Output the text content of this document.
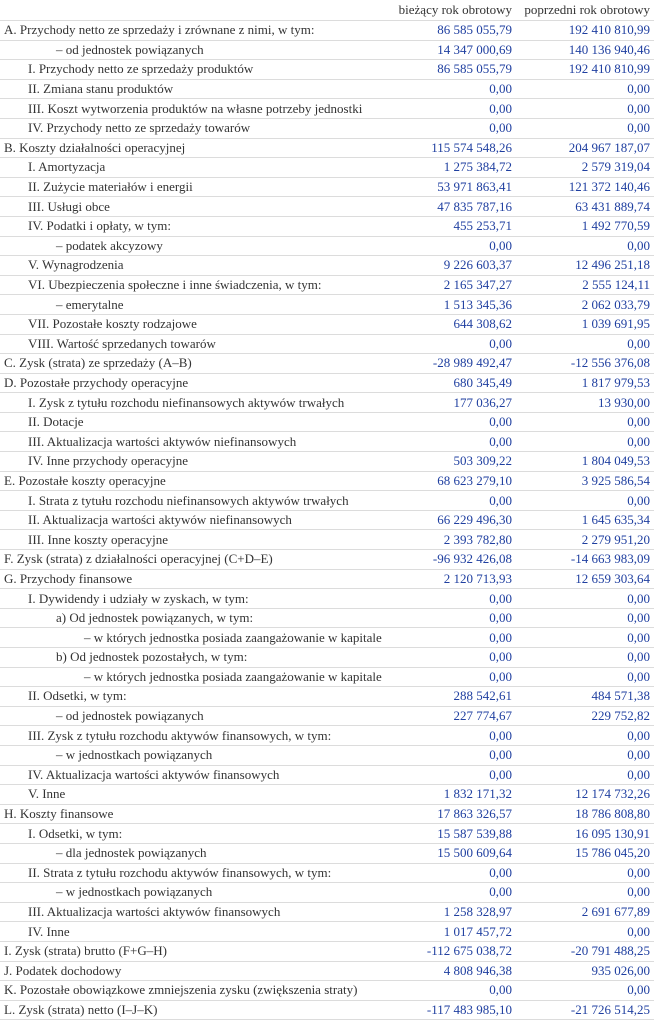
	bieżący rok obrotowy	poprzedni rok obrotowy
A. Przychody netto ze sprzedaży i zrównane z nimi, w tym:	86 585 055,79	192 410 810,99
– od jednostek powiązanych	14 347 000,69	140 136 940,46
I. Przychody netto ze sprzedaży produktów	86 585 055,79	192 410 810,99
II. Zmiana stanu produktów	0,00	0,00
III. Koszt wytworzenia produktów na własne potrzeby jednostki	0,00	0,00
IV. Przychody netto ze sprzedaży towarów	0,00	0,00
B. Koszty działalności operacyjnej	115 574 548,26	204 967 187,07
I. Amortyzacja	1 275 384,72	2 579 319,04
II. Zużycie materiałów i energii	53 971 863,41	121 372 140,46
III. Usługi obce	47 835 787,16	63 431 889,74
IV. Podatki i opłaty, w tym:	455 253,71	1 492 770,59
– podatek akcyzowy	0,00	0,00
V. Wynagrodzenia	9 226 603,37	12 496 251,18
VI. Ubezpieczenia społeczne i inne świadczenia, w tym:	2 165 347,27	2 555 124,11
– emerytalne	1 513 345,36	2 062 033,79
VII. Pozostałe koszty rodzajowe	644 308,62	1 039 691,95
VIII. Wartość sprzedanych towarów	0,00	0,00
C. Zysk (strata) ze sprzedaży (A–B)	-28 989 492,47	-12 556 376,08
D. Pozostałe przychody operacyjne	680 345,49	1 817 979,53
I. Zysk z tytułu rozchodu niefinansowych aktywów trwałych	177 036,27	13 930,00
II. Dotacje	0,00	0,00
III. Aktualizacja wartości aktywów niefinansowych	0,00	0,00
IV. Inne przychody operacyjne	503 309,22	1 804 049,53
E. Pozostałe koszty operacyjne	68 623 279,10	3 925 586,54
I. Strata z tytułu rozchodu niefinansowych aktywów trwałych	0,00	0,00
II. Aktualizacja wartości aktywów niefinansowych	66 229 496,30	1 645 635,34
III. Inne koszty operacyjne	2 393 782,80	2 279 951,20
F. Zysk (strata) z działalności operacyjnej (C+D–E)	-96 932 426,08	-14 663 983,09
G. Przychody finansowe	2 120 713,93	12 659 303,64
I. Dywidendy i udziały w zyskach, w tym:	0,00	0,00
a) Od jednostek powiązanych, w tym:	0,00	0,00
– w których jednostka posiada zaangażowanie w kapitale	0,00	0,00
b) Od jednostek pozostałych, w tym:	0,00	0,00
– w których jednostka posiada zaangażowanie w kapitale	0,00	0,00
II. Odsetki, w tym:	288 542,61	484 571,38
– od jednostek powiązanych	227 774,67	229 752,82
III. Zysk z tytułu rozchodu aktywów finansowych, w tym:	0,00	0,00
– w jednostkach powiązanych	0,00	0,00
IV. Aktualizacja wartości aktywów finansowych	0,00	0,00
V. Inne	1 832 171,32	12 174 732,26
H. Koszty finansowe	17 863 326,57	18 786 808,80
I. Odsetki, w tym:	15 587 539,88	16 095 130,91
– dla jednostek powiązanych	15 500 609,64	15 786 045,20
II. Strata z tytułu rozchodu aktywów finansowych, w tym:	0,00	0,00
– w jednostkach powiązanych	0,00	0,00
III. Aktualizacja wartości aktywów finansowych	1 258 328,97	2 691 677,89
IV. Inne	1 017 457,72	0,00
I. Zysk (strata) brutto (F+G–H)	-112 675 038,72	-20 791 488,25
J. Podatek dochodowy	4 808 946,38	935 026,00
K. Pozostałe obowiązkowe zmniejszenia zysku (zwiększenia straty)	0,00	0,00
L. Zysk (strata) netto (I–J–K)	-117 483 985,10	-21 726 514,25
